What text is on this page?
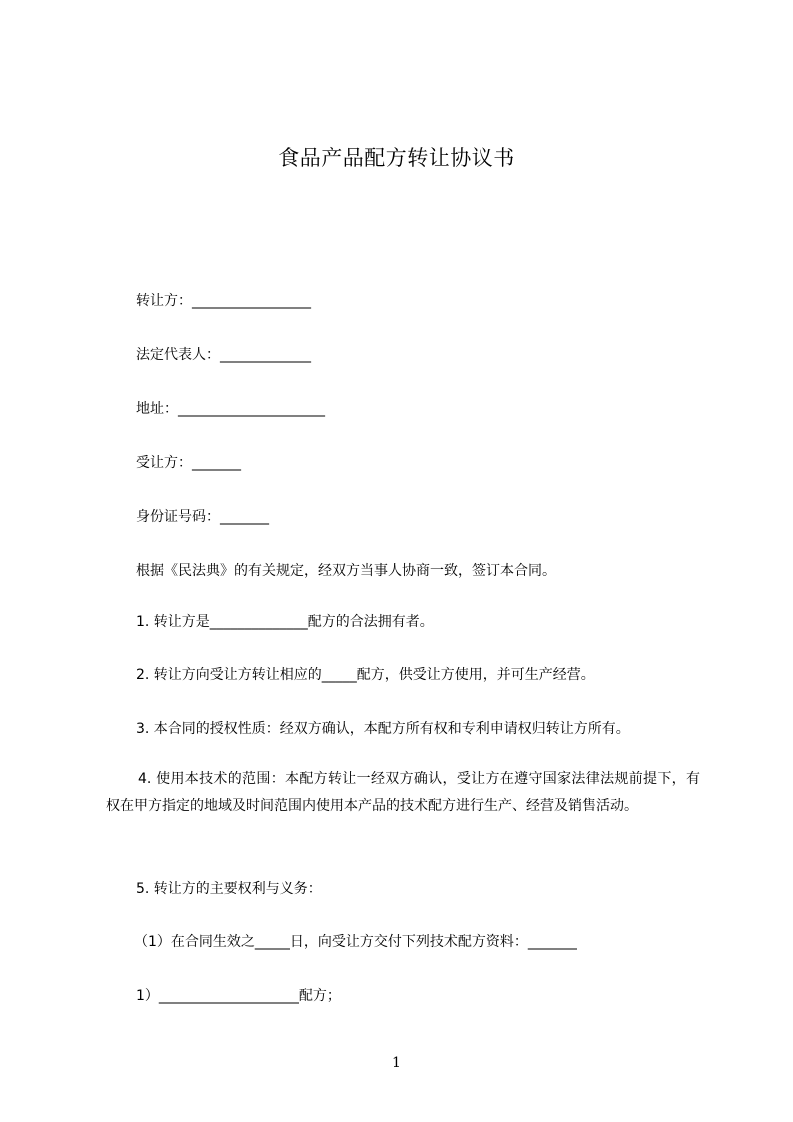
食品产品配方转让协议书
转让方：_________________
法定代表人：_____________
地址：_____________________
受让方：_______
身份证号码：_______
根据《民法典》的有关规定，经双方当事人协商一致，签订本合同。
1. 转让方是______________配方的合法拥有者。
2. 转让方向受让方转让相应的_____配方，供受让方使用，并可生产经营。
3. 本合同的授权性质：经双方确认，本配方所有权和专利申请权归转让方所有。
4. 使用本技术的范围：本配方转让一经双方确认，受让方在遵守国家法律法规前提下，有权在甲方指定的地域及时间范围内使用本产品的技术配方进行生产、经营及销售活动。
5. 转让方的主要权利与义务：
（1）在合同生效之_____日，向受让方交付下列技术配方资料：_______
1）____________________配方；
1
